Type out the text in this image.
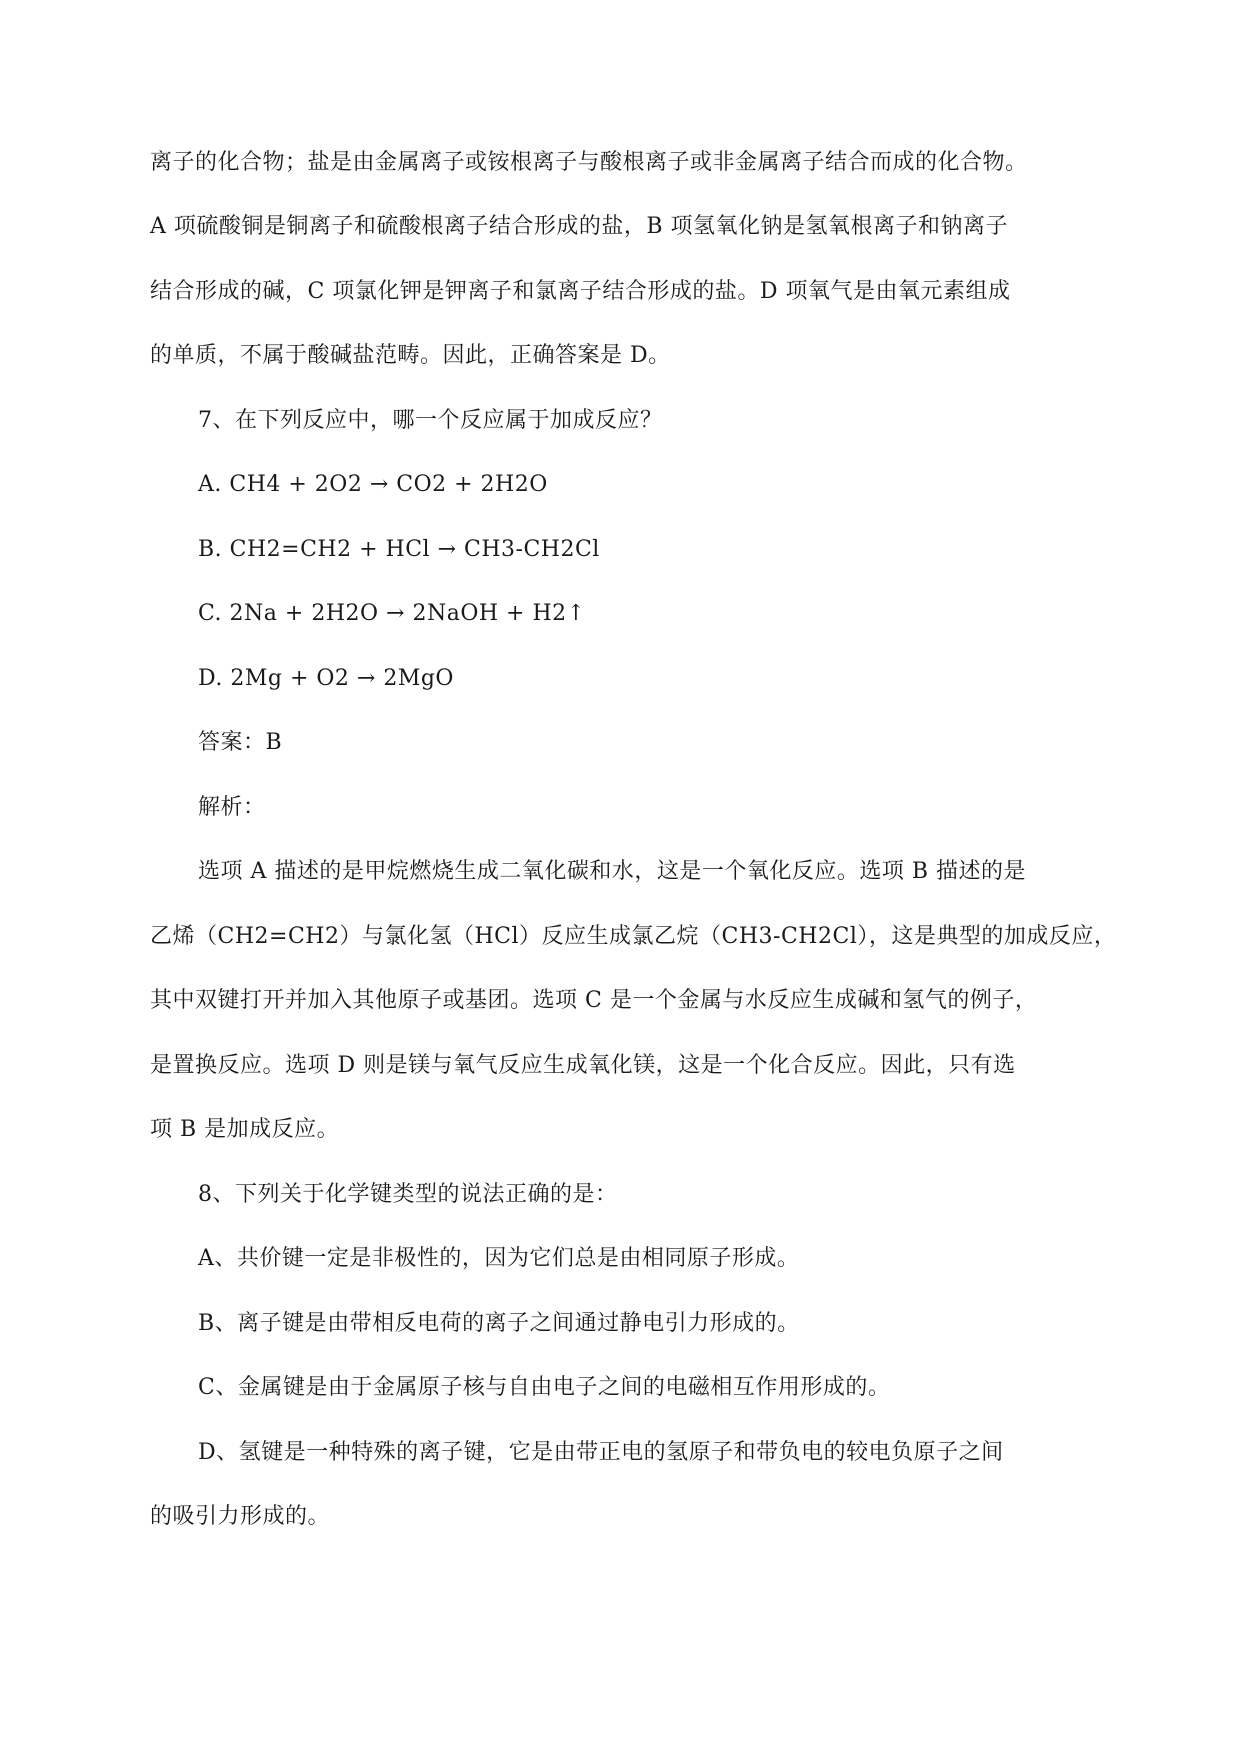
离子的化合物；盐是由金属离子或铵根离子与酸根离子或非金属离子结合而成的化合物。
A 项硫酸铜是铜离子和硫酸根离子结合形成的盐，B 项氢氧化钠是氢氧根离子和钠离子
结合形成的碱，C 项氯化钾是钾离子和氯离子结合形成的盐。D 项氧气是由氧元素组成
的单质，不属于酸碱盐范畴。因此，正确答案是 D。
7、在下列反应中，哪一个反应属于加成反应？
A. CH4 + 2O2 → CO2 + 2H2O
B. CH2=CH2 + HCl → CH3-CH2Cl
C. 2Na + 2H2O → 2NaOH + H2↑
D. 2Mg + O2 → 2MgO
答案：B
解析：
选项 A 描述的是甲烷燃烧生成二氧化碳和水，这是一个氧化反应。选项 B 描述的是
乙烯（CH2=CH2）与氯化氢（HCl）反应生成氯乙烷（CH3-CH2Cl），这是典型的加成反应，
其中双键打开并加入其他原子或基团。选项 C 是一个金属与水反应生成碱和氢气的例子，
是置换反应。选项 D 则是镁与氧气反应生成氧化镁，这是一个化合反应。因此，只有选
项 B 是加成反应。
8、下列关于化学键类型的说法正确的是：
A、共价键一定是非极性的，因为它们总是由相同原子形成。
B、离子键是由带相反电荷的离子之间通过静电引力形成的。
C、金属键是由于金属原子核与自由电子之间的电磁相互作用形成的。
D、氢键是一种特殊的离子键，它是由带正电的氢原子和带负电的较电负原子之间
的吸引力形成的。
